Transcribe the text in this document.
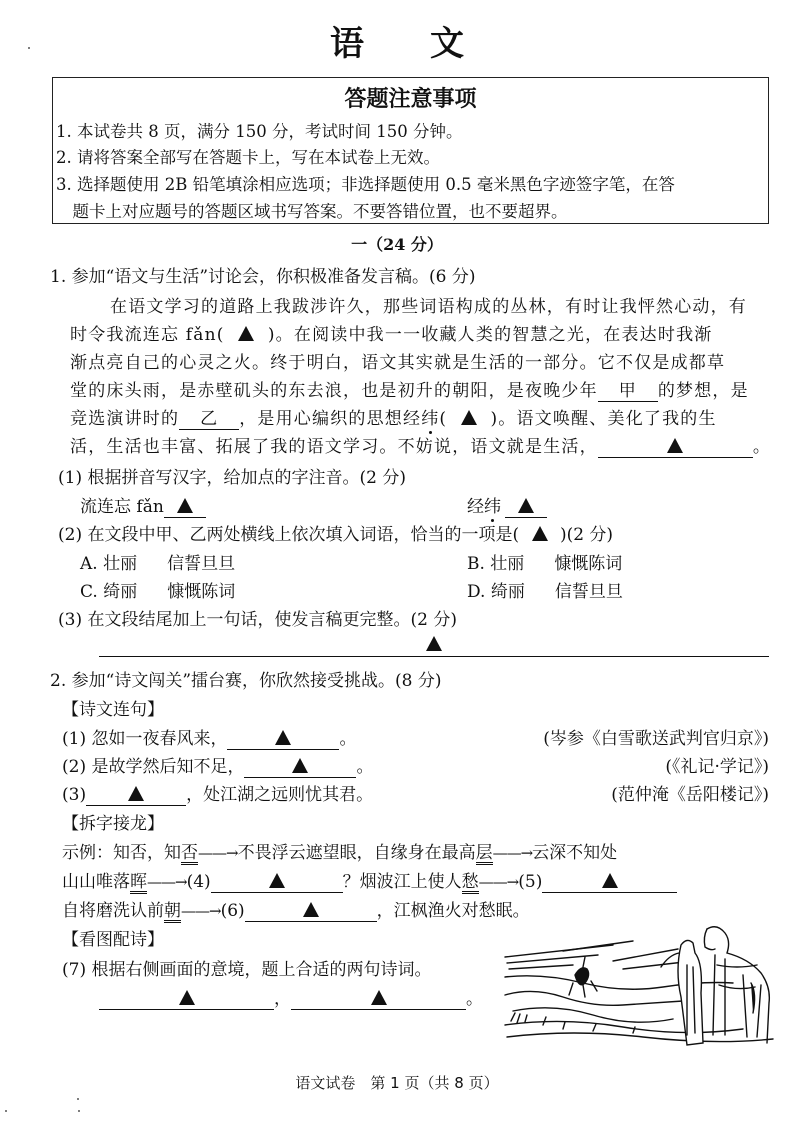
语 文
答题注意事项
1. 本试卷共 8 页，满分 150 分，考试时间 150 分钟。
2. 请将答案全部写在答题卡上，写在本试卷上无效。
3. 选择题使用 2B 铅笔填涂相应选项；非选择题使用 0.5 毫米黑色字迹签字笔，在答
　题卡上对应题号的答题区域书写答案。不要答错位置，也不要超界。
一（24 分）
1. 参加“语文与生活”讨论会，你积极准备发言稿。(6 分)
在语文学习的道路上我跋涉许久，那些词语构成的丛林，有时让我怦然心动，有
时令我流连忘 fǎn(	)。在阅读中我一一收藏人类的智慧之光，在表达时我渐
渐点亮自己的心灵之火。终于明白，语文其实就是生活的一部分。它不仅是成都草
堂的床头雨，是赤壁矶头的东去浪，也是初升的朝阳，是夜晚少年 甲 的梦想，是
竞选演讲时的 乙 ，是用心编织的思想经纬(	)。语文唤醒、美化了我的生
活，生活也丰富、拓展了我的语文学习。不妨说，语文就是生活，	。
(1) 根据拼音写汉字，给加点的字注音。(2 分)
流连忘 fǎn	经纬
(2) 在文段中甲、乙两处横线上依次填入词语，恰当的一项是( )(2 分)
A. 壮丽 信誓旦旦	B. 壮丽 慷慨陈词
C. 绮丽 慷慨陈词	D. 绮丽 信誓旦旦
(3) 在文段结尾加上一句话，使发言稿更完整。(2 分)
2. 参加“诗文闯关”擂台赛，你欣然接受挑战。(8 分)
【诗文连句】
(1) 忽如一夜春风来，	。	(岑参《白雪歌送武判官归京》)
(2) 是故学然后知不足，	。	(《礼记·学记》)
(3)	，处江湖之远则忧其君。	(范仲淹《岳阳楼记》)
【拆字接龙】
示例：知否，知否——→不畏浮云遮望眼，自缘身在最高层——→云深不知处
山山唯落晖——→(4)	？烟波江上使人愁——→(5)
自将磨洗认前朝——→(6)	，江枫渔火对愁眠。
【看图配诗】
(7) 根据右侧画面的意境，题上合适的两句诗词。
，	。
语文试卷　第 1 页（共 8 页）
